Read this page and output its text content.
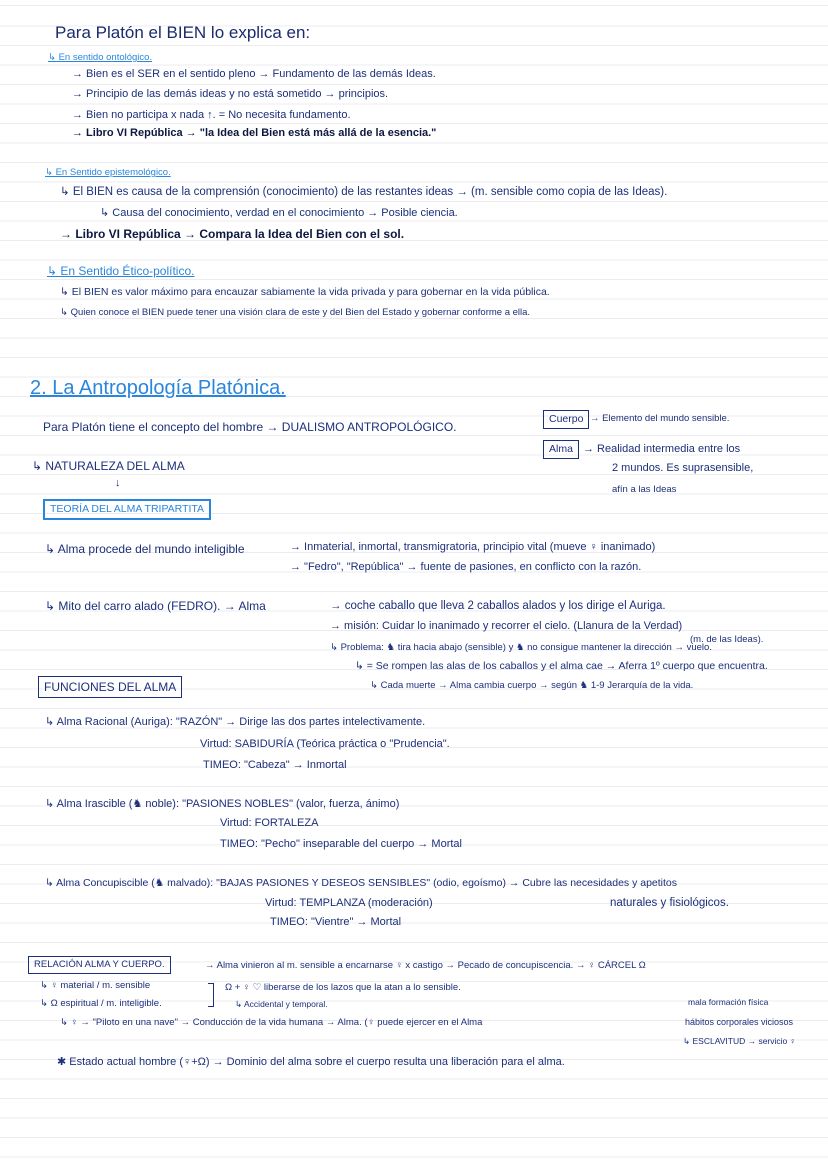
Para Platón el BIEN lo explica en:
↳ En sentido ontológico.
→ Bien es el SER en el sentido pleno → Fundamento de las demás Ideas.
→ Principio de las demás ideas y no está sometido → principios.
→ Bien no participa x nada ↑. = No necesita fundamento.
→ Libro VI República → "la Idea del Bien está más allá de la esencia."
↳ En Sentido epistemológico.
↳ El BIEN es causa de la comprensión (conocimiento) de las restantes ideas → (m. sensible como copia de las Ideas).
↳ Causa del conocimiento, verdad en el conocimiento → Posible ciencia.
→ Libro VI República → Compara la Idea del Bien con el sol.
↳ En Sentido Ético-político.
↳ El BIEN es valor máximo para encauzar sabiamente la vida privada y para gobernar en la vida pública.
↳ Quien conoce el BIEN puede tener una visión clara de este y del Bien del Estado y gobernar conforme a ella.
2. La Antropología Platónica.
Para Platón tiene el concepto del hombre → DUALISMO ANTROPOLÓGICO.
Cuerpo → Elemento del mundo sensible.
Alma → Realidad intermedia entre los
2 mundos. Es suprasensible,
afín a las Ideas
↳ NATURALEZA DEL ALMA
↓
TEORÍA DEL ALMA TRIPARTITA
↳ Alma procede del mundo inteligible	→ Inmaterial, inmortal, transmigratoria, principio vital (mueve ♀ inanimado)
→ "Fedro", "República" → fuente de pasiones, en conflicto con la razón.
↳ Mito del carro alado (FEDRO). → Alma	→ coche caballo que lleva 2 caballos alados y los dirige el Auriga.
→ misión: Cuidar lo inanimado y recorrer el cielo. (Llanura de la Verdad)
(m. de las Ideas).
↳ Problema: ♞ tira hacia abajo (sensible) y ♞ no consigue mantener la dirección → vuelo.
↳ = Se rompen las alas de los caballos y el alma cae → Aferra 1º cuerpo que encuentra.
↳ Cada muerte → Alma cambia cuerpo → según ♞ 1-9 Jerarquía de la vida.
FUNCIONES DEL ALMA
↳ Alma Racional (Auriga): "RAZÓN" → Dirige las dos partes intelectivamente.
Virtud: SABIDURÍA (Teórica práctica o "Prudencia".
TIMEO: "Cabeza" → Inmortal
↳ Alma Irascible (♞ noble): "PASIONES NOBLES" (valor, fuerza, ánimo)
Virtud: FORTALEZA
TIMEO: "Pecho" inseparable del cuerpo → Mortal
↳ Alma Concupiscible (♞ malvado): "BAJAS PASIONES Y DESEOS SENSIBLES" (odio, egoísmo) → Cubre las necesidades y apetitos
naturales y fisiológicos.
Virtud: TEMPLANZA (moderación)
TIMEO: "Vientre" → Mortal
RELACIÓN ALMA Y CUERPO.	→ Alma vinieron al m. sensible a encarnarse ♀ x castigo → Pecado de concupiscencia. → ♀ CÁRCEL Ω
↳ ♀ material / m. sensible
↳ Ω espiritual / m. inteligible.
Ω + ♀ ♡ liberarse de los lazos que la atan a lo sensible.
↳ Accidental y temporal.
↳ ♀ → "Piloto en una nave" → Conducción de la vida humana → Alma. (♀ puede ejercer en el Alma
mala formación física
hábitos corporales viciosos
↳ ESCLAVITUD → servicio ♀
✱ Estado actual hombre (♀+Ω) → Dominio del alma sobre el cuerpo resulta una liberación para el alma.
